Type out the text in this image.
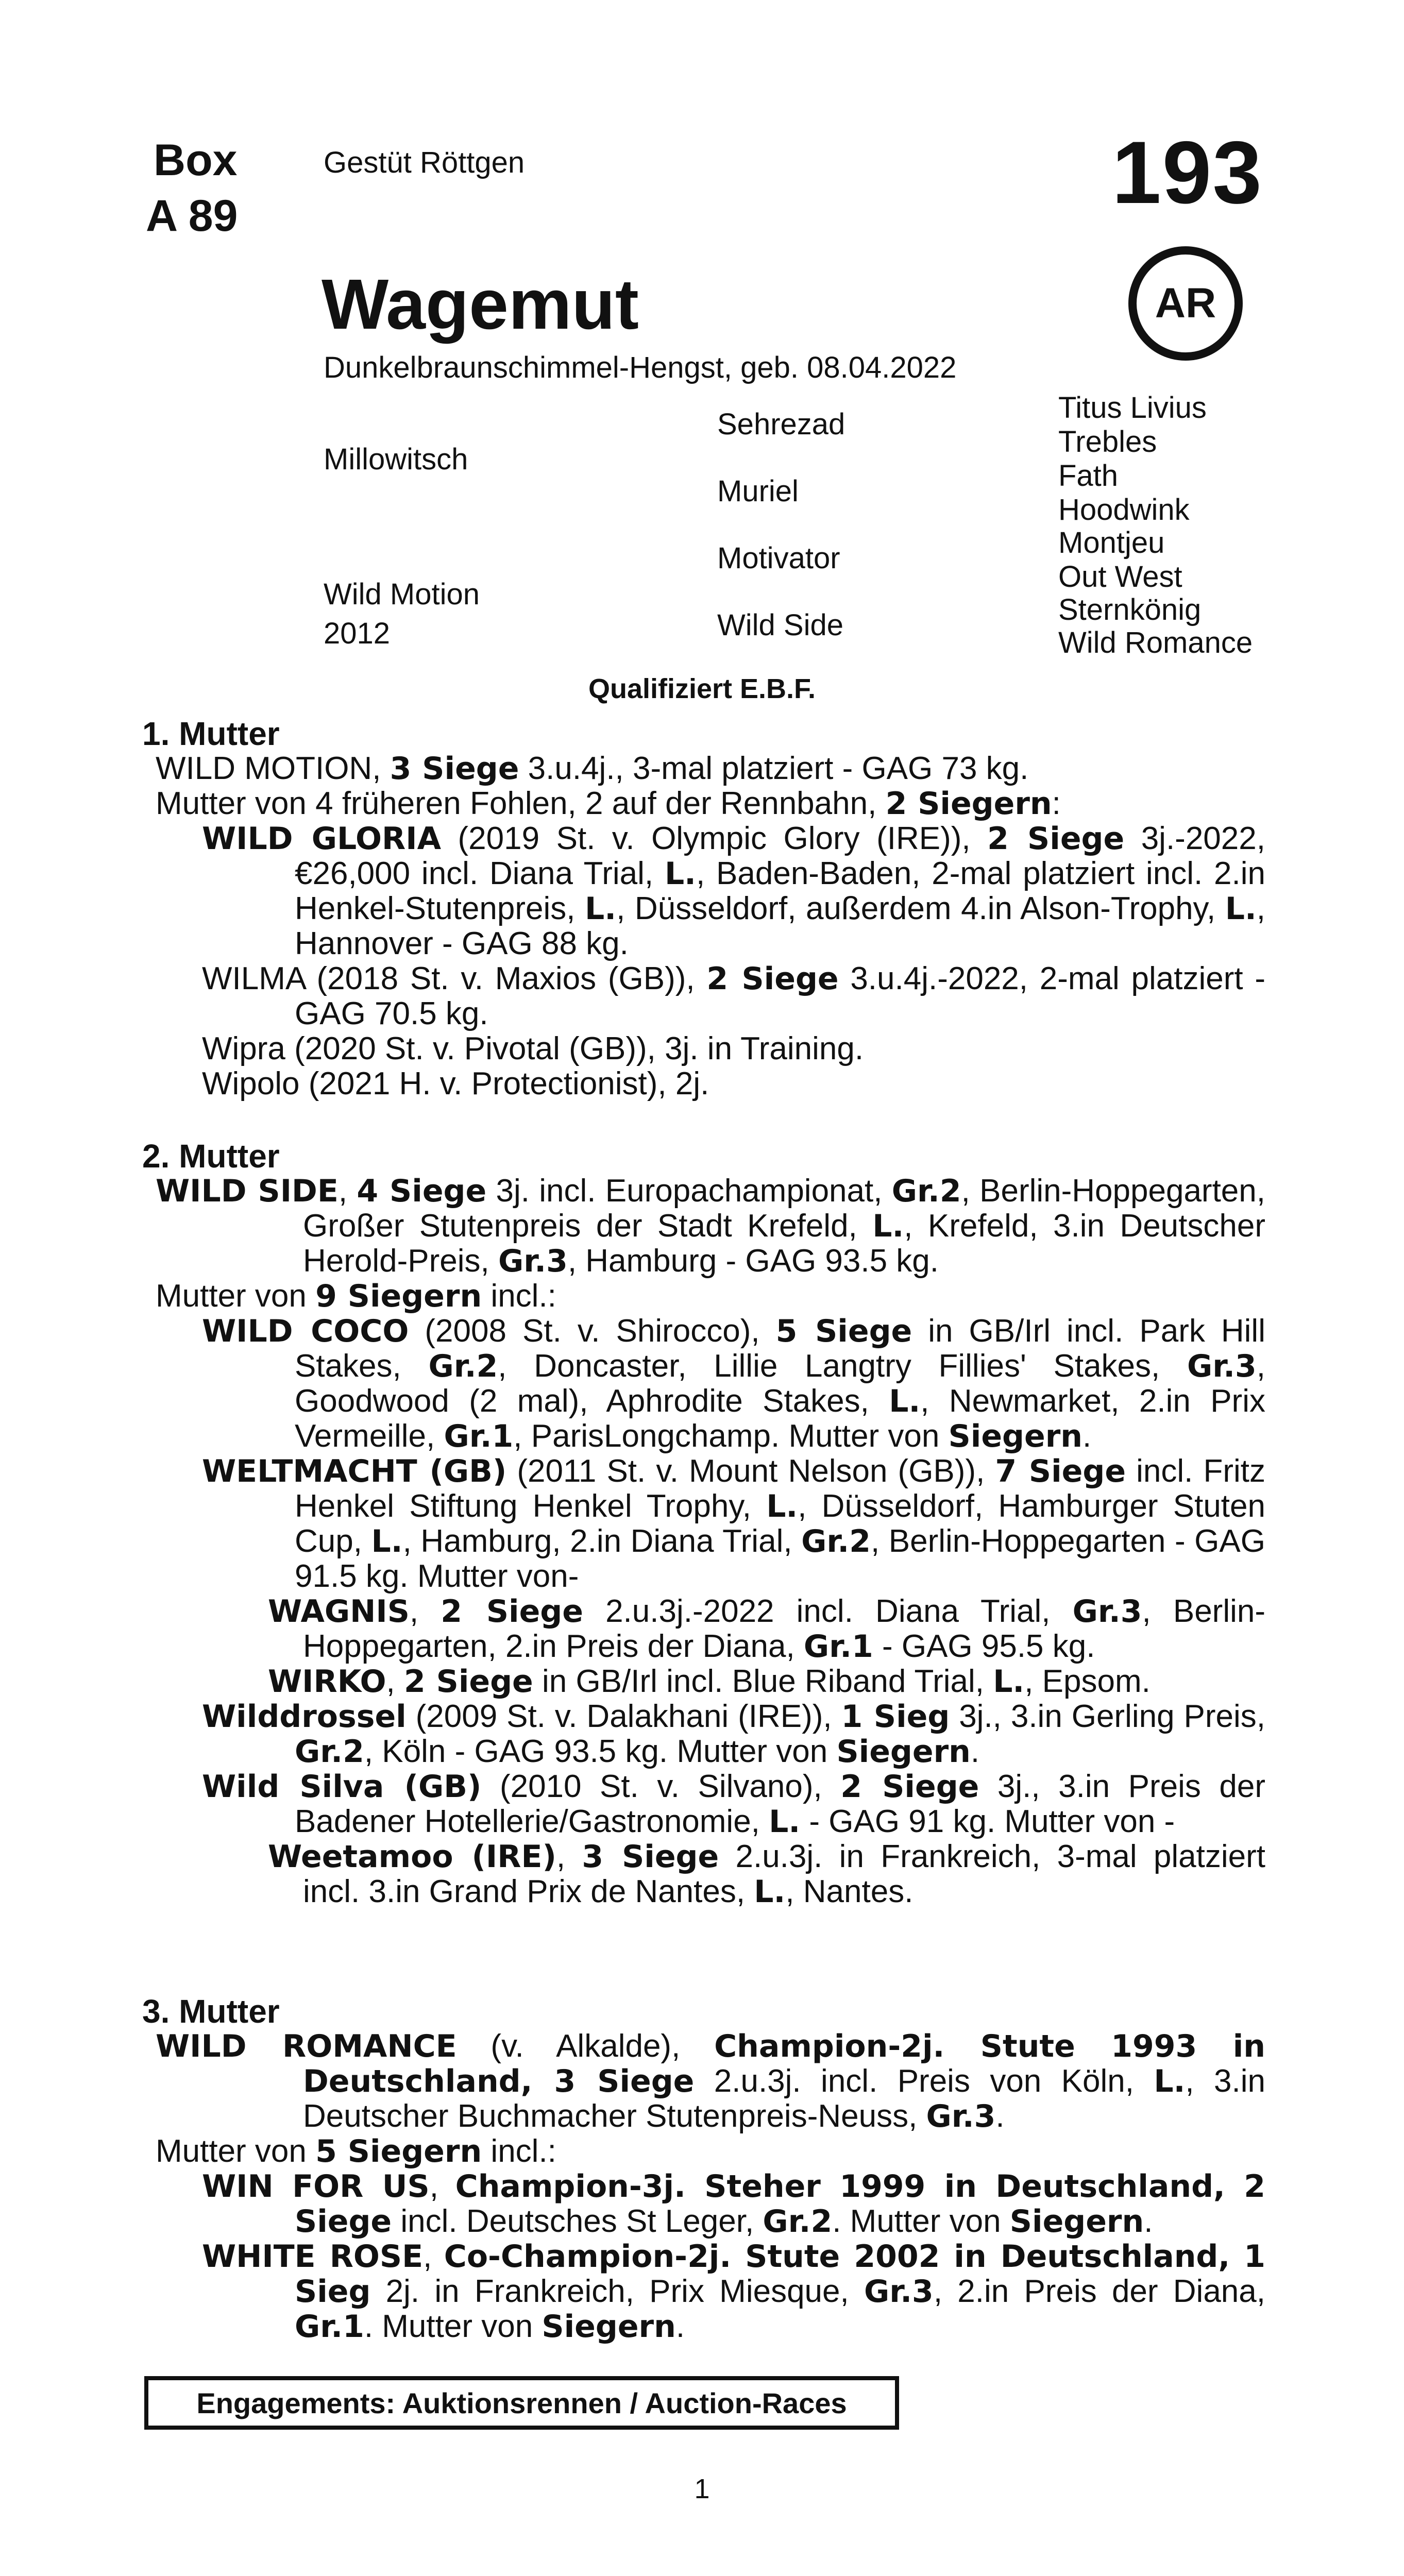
Box
A 89
Gestüt Röttgen	193
AR
Wagemut
Dunkelbraunschimmel-Hengst, geb. 08.04.2022
Millowitsch
Wild Motion
2012
Sehrezad
Muriel
Motivator
Wild Side
Titus Livius
Trebles
Fath
Hoodwink
Montjeu
Out West
Sternkönig
Wild Romance
Qualifiziert E.B.F.
1. Mutter
WILD MOTION, 3 Siege 3.u.4j., 3-mal platziert - GAG 73 kg.
Mutter von 4 früheren Fohlen, 2 auf der Rennbahn, 2 Siegern:
WILD GLORIA (2019 St. v. Olympic Glory (IRE)), 2 Siege 3j.-2022, €26,000 incl. Diana Trial, L., Baden-Baden, 2-mal platziert incl. 2.in Henkel-Stutenpreis, L., Düsseldorf, außerdem 4.in Alson-Trophy, L., Hannover - GAG 88 kg.
WILMA (2018 St. v. Maxios (GB)), 2 Siege 3.u.4j.-2022, 2-mal platziert - GAG 70.5 kg.
Wipra (2020 St. v. Pivotal (GB)), 3j. in Training.
Wipolo (2021 H. v. Protectionist), 2j.
2. Mutter
WILD SIDE, 4 Siege 3j. incl. Europachampionat, Gr.2, Berlin-Hoppegarten, Großer Stutenpreis der Stadt Krefeld, L., Krefeld, 3.in Deutscher Herold-Preis, Gr.3, Hamburg - GAG 93.5 kg.
Mutter von 9 Siegern incl.:
WILD COCO (2008 St. v. Shirocco), 5 Siege in GB/Irl incl. Park Hill Stakes, Gr.2, Doncaster, Lillie Langtry Fillies' Stakes, Gr.3, Goodwood (2 mal), Aphrodite Stakes, L., Newmarket, 2.in Prix Vermeille, Gr.1, ParisLongchamp. Mutter von Siegern.
WELTMACHT (GB) (2011 St. v. Mount Nelson (GB)), 7 Siege incl. Fritz Henkel Stiftung Henkel Trophy, L., Düsseldorf, Hamburger Stuten Cup, L., Hamburg, 2.in Diana Trial, Gr.2, Berlin-Hoppegarten - GAG 91.5 kg. Mutter von-
WAGNIS, 2 Siege 2.u.3j.-2022 incl. Diana Trial, Gr.3, Berlin-Hoppegarten, 2.in Preis der Diana, Gr.1 - GAG 95.5 kg.
WIRKO, 2 Siege in GB/Irl incl. Blue Riband Trial, L., Epsom.
Wilddrossel (2009 St. v. Dalakhani (IRE)), 1 Sieg 3j., 3.in Gerling Preis, Gr.2, Köln - GAG 93.5 kg. Mutter von Siegern.
Wild Silva (GB) (2010 St. v. Silvano), 2 Siege 3j., 3.in Preis der Badener Hotellerie/Gastronomie, L. - GAG 91 kg. Mutter von -
Weetamoo (IRE), 3 Siege 2.u.3j. in Frankreich, 3-mal platziert incl. 3.in Grand Prix de Nantes, L., Nantes.
3. Mutter
WILD ROMANCE (v. Alkalde), Champion-2j. Stute 1993 in Deutschland, 3 Siege 2.u.3j. incl. Preis von Köln, L., 3.in Deutscher Buchmacher Stutenpreis-Neuss, Gr.3.
Mutter von 5 Siegern incl.:
WIN FOR US, Champion-3j. Steher 1999 in Deutschland, 2 Siege incl. Deutsches St Leger, Gr.2. Mutter von Siegern.
WHITE ROSE, Co-Champion-2j. Stute 2002 in Deutschland, 1 Sieg 2j. in Frankreich, Prix Miesque, Gr.3, 2.in Preis der Diana, Gr.1. Mutter von Siegern.
Engagements: Auktionsrennen / Auction-Races
1
